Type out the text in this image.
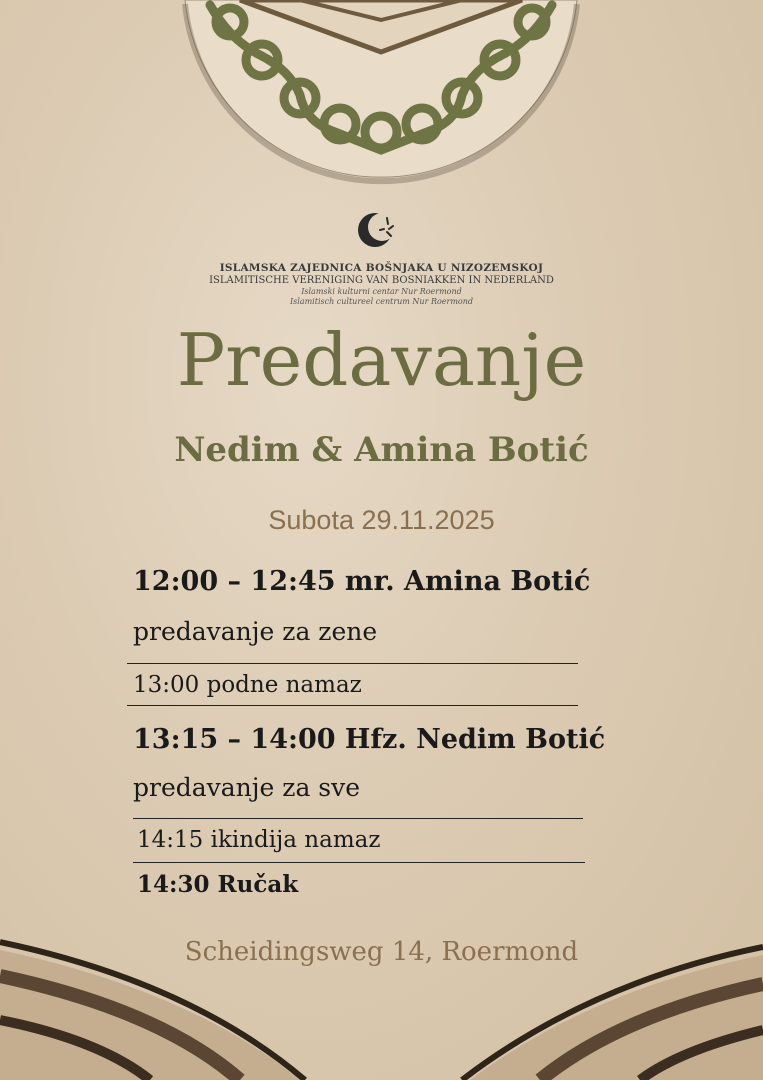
ISLAMSKA ZAJEDNICA BOŠNJAKA U NIZOZEMSKOJ
ISLAMITISCHE VERENIGING VAN BOSNIAKKEN IN NEDERLAND
Islamski kulturni centar Nur Roermond
Islamitisch cultureel centrum Nur Roermond
Predavanje
Nedim & Amina Botić
Subota 29.11.2025
12:00 – 12:45 mr. Amina Botić
predavanje za zene
13:00 podne namaz
13:15 – 14:00 Hfz. Nedim Botić
predavanje za sve
14:15 ikindija namaz
14:30 Ručak
Scheidingsweg 14, Roermond
